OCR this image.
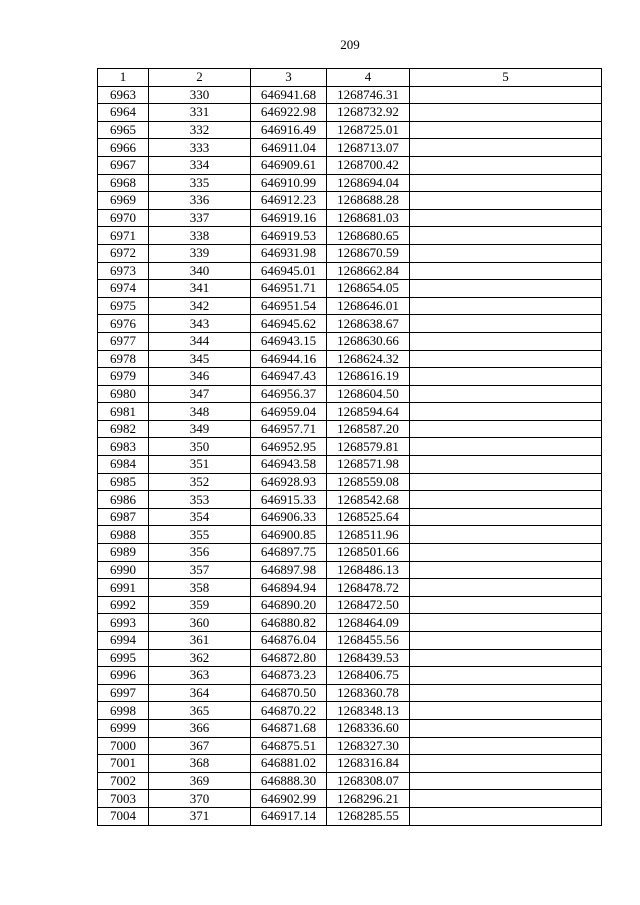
209
1	2	3	4	5
6963	330	646941.68	1268746.31	
6964	331	646922.98	1268732.92	
6965	332	646916.49	1268725.01	
6966	333	646911.04	1268713.07	
6967	334	646909.61	1268700.42	
6968	335	646910.99	1268694.04	
6969	336	646912.23	1268688.28	
6970	337	646919.16	1268681.03	
6971	338	646919.53	1268680.65	
6972	339	646931.98	1268670.59	
6973	340	646945.01	1268662.84	
6974	341	646951.71	1268654.05	
6975	342	646951.54	1268646.01	
6976	343	646945.62	1268638.67	
6977	344	646943.15	1268630.66	
6978	345	646944.16	1268624.32	
6979	346	646947.43	1268616.19	
6980	347	646956.37	1268604.50	
6981	348	646959.04	1268594.64	
6982	349	646957.71	1268587.20	
6983	350	646952.95	1268579.81	
6984	351	646943.58	1268571.98	
6985	352	646928.93	1268559.08	
6986	353	646915.33	1268542.68	
6987	354	646906.33	1268525.64	
6988	355	646900.85	1268511.96	
6989	356	646897.75	1268501.66	
6990	357	646897.98	1268486.13	
6991	358	646894.94	1268478.72	
6992	359	646890.20	1268472.50	
6993	360	646880.82	1268464.09	
6994	361	646876.04	1268455.56	
6995	362	646872.80	1268439.53	
6996	363	646873.23	1268406.75	
6997	364	646870.50	1268360.78	
6998	365	646870.22	1268348.13	
6999	366	646871.68	1268336.60	
7000	367	646875.51	1268327.30	
7001	368	646881.02	1268316.84	
7002	369	646888.30	1268308.07	
7003	370	646902.99	1268296.21	
7004	371	646917.14	1268285.55	
